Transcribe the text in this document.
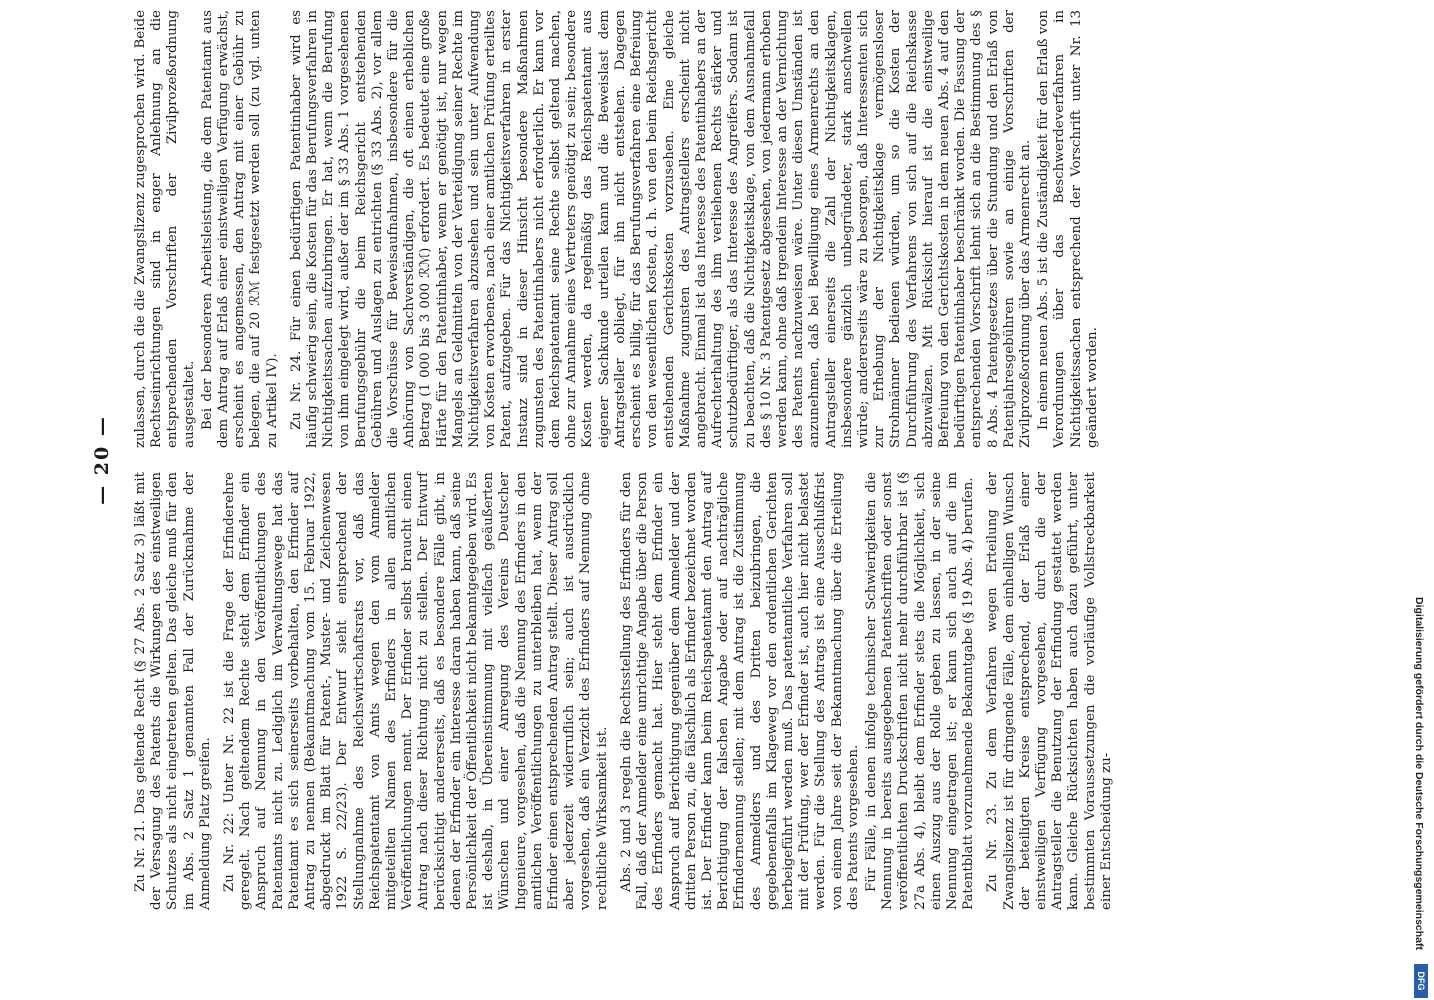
— 20 —

Zu Nr. 21. Das geltende Recht (§ 27 Abs. 2 Satz 3) läßt mit der Versagung des Patents die Wirkungen des einstweiligen Schutzes als nicht eingetreten gelten. Das gleiche muß für den im Abs. 2 Satz 1 genannten Fall der Zurücknahme der Anmeldung Platz greifen. Zu Nr. 22: Unter Nr. 22 ist die Frage der Erfinderehre geregelt. Nach geltendem Rechte steht dem Erfinder ein Anspruch auf Nennung in den Veröffentlichungen des Patentamts nicht zu. Lediglich im Verwaltungswege hat das Patentamt es sich seinerseits vorbehalten, den Erfinder auf Antrag zu nennen (Bekanntmachung vom 15. Februar 1922, abgedruckt im Blatt für Patent-, Muster- und Zeichenwesen 1922 S. 22/23). Der Entwurf sieht entsprechend der Stellungnahme des Reichswirtschaftsrats vor, daß das Reichspatentamt von Amts wegen den vom Anmelder mitgeteilten Namen des Erfinders in allen amtlichen Veröffentlichungen nennt. Der Erfinder selbst braucht einen Antrag nach dieser Richtung nicht zu stellen. Der Entwurf berücksichtigt andererseits, daß es besondere Fälle gibt, in denen der Erfinder ein Interesse daran haben kann, daß seine Persönlichkeit der Öffentlichkeit nicht bekanntgegeben wird. Es ist deshalb, in Übereinstimmung mit vielfach geäußerten Wünschen und einer Anregung des Vereins Deutscher Ingenieure, vorgesehen, daß die Nennung des Erfinders in den amtlichen Veröffentlichungen zu unterbleiben hat, wenn der Erfinder einen entsprechenden Antrag stellt. Dieser Antrag soll aber jederzeit widerruflich sein; auch ist ausdrücklich vorgesehen, daß ein Verzicht des Erfinders auf Nennung ohne rechtliche Wirksamkeit ist. Abs. 2 und 3 regeln die Rechtsstellung des Erfinders für den Fall, daß der Anmelder eine unrichtige Angabe über die Person des Erfinders gemacht hat. Hier steht dem Erfinder ein Anspruch auf Berichtigung gegenüber dem Anmelder und der dritten Person zu, die fälschlich als Erfinder bezeichnet worden ist. Der Erfinder kann beim Reichspatentamt den Antrag auf Berichtigung der falschen Angabe oder auf nachträgliche Erfindernennung stellen; mit dem Antrag ist die Zustimmung des Anmelders und des Dritten beizubringen, die gegebenenfalls im Klageweg vor den ordentlichen Gerichten herbeigeführt werden muß. Das patentamtliche Verfahren soll mit der Prüfung, wer der Erfinder ist, auch hier nicht belastet werden. Für die Stellung des Antrags ist eine Ausschlußfrist von einem Jahre seit der Bekanntmachung über die Erteilung des Patents vorgesehen. Für Fälle, in denen infolge technischer Schwierigkeiten die Nennung in bereits ausgegebenen Patentschriften oder sonst veröffentlichten Druckschriften nicht mehr durchführbar ist (§ 27a Abs. 4), bleibt dem Erfinder stets die Möglichkeit, sich einen Auszug aus der Rolle geben zu lassen, in der seine Nennung eingetragen ist; er kann sich auch auf die im Patentblatt vorzunehmende Bekanntgabe (§ 19 Abs. 4) berufen. Zu Nr. 23. Zu dem Verfahren wegen Erteilung der Zwangslizenz ist für dringende Fälle, dem einhelligen Wunsch der beteiligten Kreise entsprechend, der Erlaß einer einstweiligen Verfügung vorgesehen, durch die der Antragsteller die Benutzung der Erfindung gestattet werden kann. Gleiche Rücksichten haben auch dazu geführt, unter bestimmten Voraussetzungen die vorläufige Vollstreckbarkeit einer Entscheidung zu-

zulassen, durch die die Zwangslizenz zugesprochen wird. Beide Rechtseinrichtungen sind in enger Anlehnung an die entsprechenden Vorschriften der Zivilprozeßordnung ausgestaltet. Bei der besonderen Arbeitsleistung, die dem Patentamt aus dem Antrag auf Erlaß einer einstweiligen Verfügung erwächst, erscheint es angemessen, den Antrag mit einer Gebühr zu belegen, die auf 20 ℛℳ festgesetzt werden soll (zu vgl. unten zu Artikel IV). Zu Nr. 24. Für einen bedürftigen Patentinhaber wird es häufig schwierig sein, die Kosten für das Berufungsverfahren in Nichtigkeitssachen aufzubringen. Er hat, wenn die Berufung von ihm eingelegt wird, außer der im § 33 Abs. 1 vorgesehenen Berufungsgebühr die beim Reichsgericht entstehenden Gebühren und Auslagen zu entrichten (§ 33 Abs. 2), vor allem die Vorschüsse für Beweisaufnahmen, insbesondere für die Anhörung von Sachverständigen, die oft einen erheblichen Betrag (1 000 bis 3 000 ℛℳ) erfordert. Es bedeutet eine große Härte für den Patentinhaber, wenn er genötigt ist, nur wegen Mangels an Geldmitteln von der Verteidigung seiner Rechte im Nichtigkeitsverfahren abzusehen und sein unter Aufwendung von Kosten erworbenes, nach einer amtlichen Prüfung erteiltes Patent, aufzugeben. Für das Nichtigkeitsverfahren in erster Instanz sind in dieser Hinsicht besondere Maßnahmen zugunsten des Patentinhabers nicht erforderlich. Er kann vor dem Reichspatentamt seine Rechte selbst geltend machen, ohne zur Annahme eines Vertreters genötigt zu sein; besondere Kosten werden, da regelmäßig das Reichspatentamt aus eigener Sachkunde urteilen kann und die Beweislast dem Antragsteller obliegt, für ihn nicht entstehen. Dagegen erscheint es billig, für das Berufungsverfahren eine Befreiung von den wesentlichen Kosten, d. h. von den beim Reichsgericht entstehenden Gerichtskosten vorzusehen. Eine gleiche Maßnahme zugunsten des Antragstellers erscheint nicht angebracht. Einmal ist das Interesse des Patentinhabers an der Aufrechterhaltung des ihm verliehenen Rechts stärker und schutzbedürftiger, als das Interesse des Angreifers. Sodann ist zu beachten, daß die Nichtigkeitsklage, von dem Ausnahmefall des § 10 Nr. 3 Patentgesetz abgesehen, von jedermann erhoben werden kann, ohne daß irgendein Interesse an der Vernichtung des Patents nachzuweisen wäre. Unter diesen Umständen ist anzunehmen, daß bei Bewilligung eines Armenrechts an den Antragsteller einerseits die Zahl der Nichtigkeitsklagen, insbesondere gänzlich unbegründeter, stark anschwellen würde; andererseits wäre zu besorgen, daß Interessenten sich zur Erhebung der Nichtigkeitsklage vermögensloser Strohmänner bedienen würden, um so die Kosten der Durchführung des Verfahrens von sich auf die Reichskasse abzuwälzen. Mit Rücksicht hierauf ist die einstweilige Befreiung von den Gerichtskosten in dem neuen Abs. 4 auf den bedürftigen Patentinhaber beschränkt worden. Die Fassung der entsprechenden Vorschrift lehnt sich an die Bestimmung des § 8 Abs. 4 Patentgesetzes über die Stundung und den Erlaß von Patentjahresgebühren sowie an einige Vorschriften der Zivilprozeßordnung über das Armenrecht an. In einem neuen Abs. 5 ist die Zuständigkeit für den Erlaß von Verordnungen über das Beschwerdeverfahren in Nichtigkeitssachen entsprechend der Vorschrift unter Nr. 13 geändert worden.

Digitalisierung gefördert durch die Deutsche Forschungsgemeinschaft
DFG
